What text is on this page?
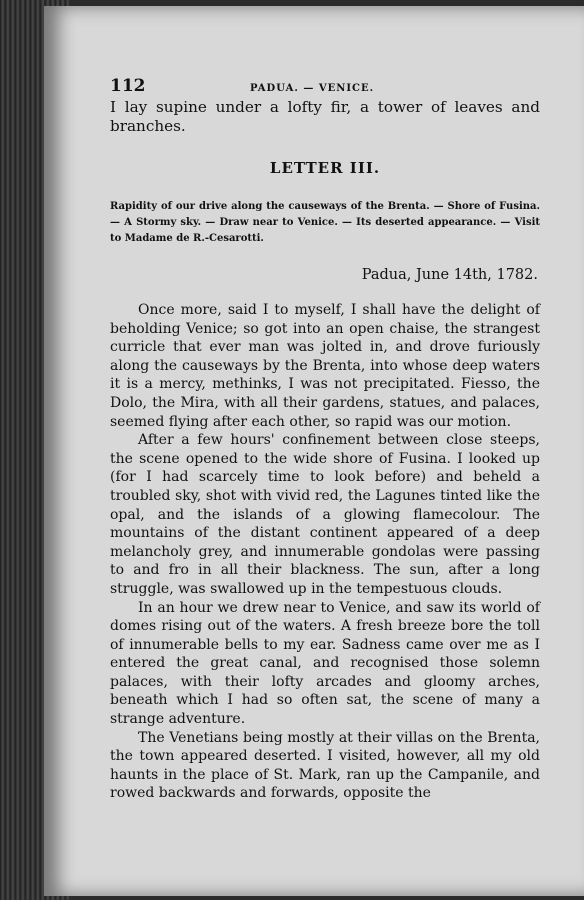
112	PADUA. — VENICE.

I lay supine under a lofty fir, a tower of leaves and branches.

LETTER III.

Rapidity of our drive along the causeways of the Brenta. — Shore of Fusina. — A Stormy sky. — Draw near to Venice. — Its deserted appearance. — Visit to Madame de R.-Cesarotti.

Padua, June 14th, 1782.

Once more, said I to myself, I shall have the delight of beholding Venice; so got into an open chaise, the strangest curricle that ever man was jolted in, and drove furiously along the causeways by the Brenta, into whose deep waters it is a mercy, methinks, I was not precipitated. Fiesso, the Dolo, the Mira, with all their gardens, statues, and palaces, seemed flying after each other, so rapid was our motion.

After a few hours' confinement between close steeps, the scene opened to the wide shore of Fusina. I looked up (for I had scarcely time to look before) and beheld a troubled sky, shot with vivid red, the Lagunes tinted like the opal, and the islands of a glowing flamecolour. The mountains of the distant continent appeared of a deep melancholy grey, and innumerable gondolas were passing to and fro in all their blackness. The sun, after a long struggle, was swallowed up in the tempestuous clouds.

In an hour we drew near to Venice, and saw its world of domes rising out of the waters. A fresh breeze bore the toll of innumerable bells to my ear. Sadness came over me as I entered the great canal, and recognised those solemn palaces, with their lofty arcades and gloomy arches, beneath which I had so often sat, the scene of many a strange adventure.

The Venetians being mostly at their villas on the Brenta, the town appeared deserted. I visited, however, all my old haunts in the place of St. Mark, ran up the Campanile, and rowed backwards and forwards, opposite the
